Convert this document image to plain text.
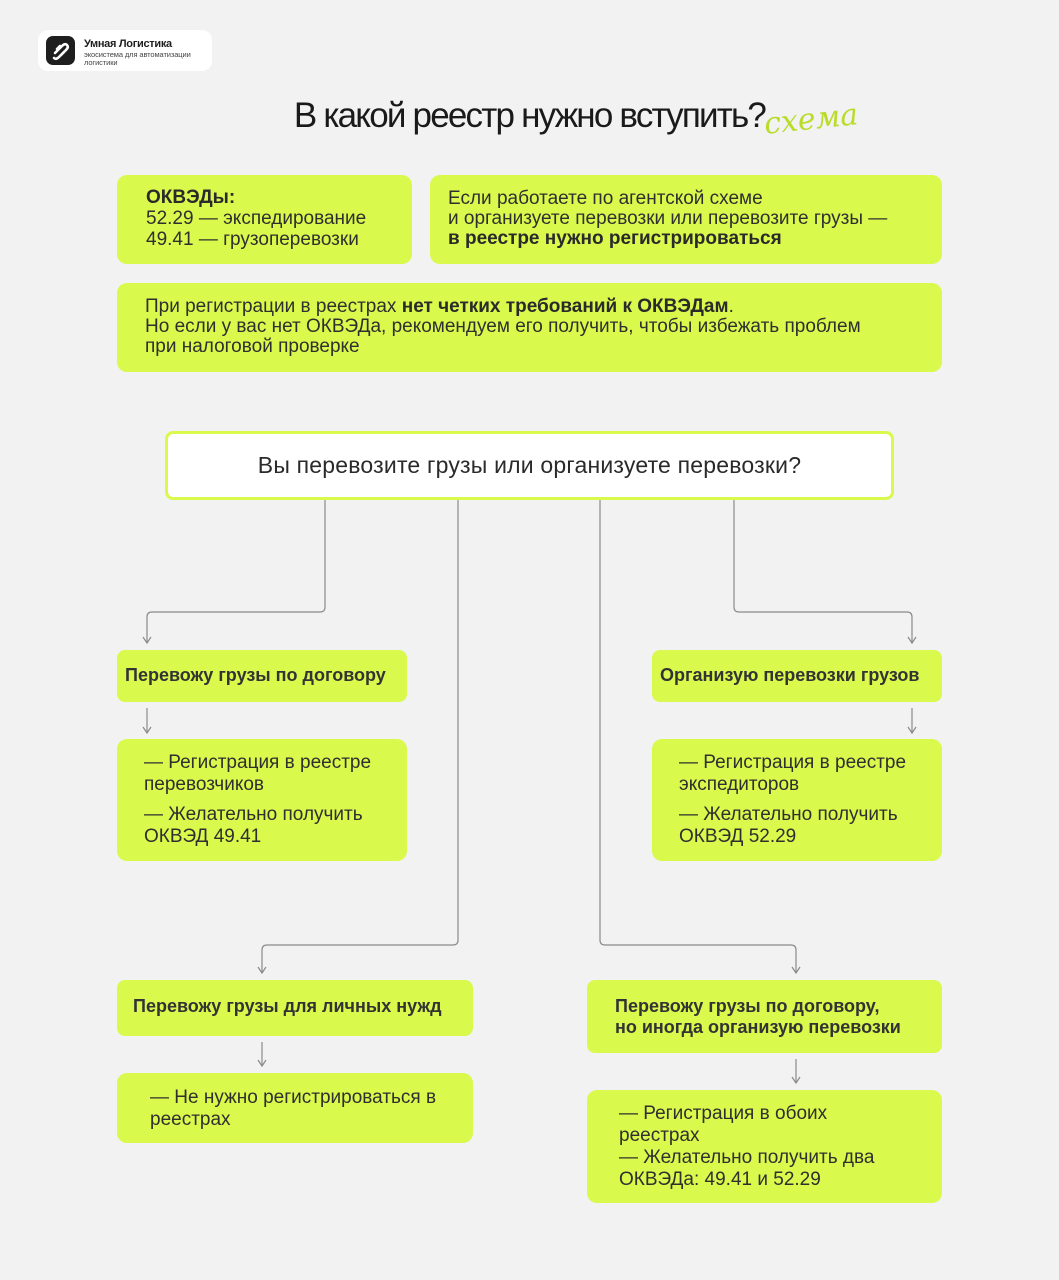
Умная Логистика
экосистема для автоматизации логистики
В какой реестр нужно вступить?
схема

ОКВЭДы:

52.29 — экспедирование

49.41 — грузоперевозки

Если работаете по агентской схеме

и организуете перевозки или перевозите грузы —

в реестре нужно регистрироваться

При регистрации в реестрах нет четких требований к ОКВЭДам.

Но если у вас нет ОКВЭДа, рекомендуем его получить, чтобы избежать проблем

при налоговой проверке

Вы перевозите грузы или организуете перевозки?
Перевожу грузы по договору

— Регистрация в реестре перевозчиков

— Желательно получить ОКВЭД 49.41

Организую перевозки грузов

— Регистрация в реестре экспедиторов

— Желательно получить ОКВЭД 52.29

Перевожу грузы для личных нужд

— Не нужно регистрироваться в реестрах

Перевожу грузы по договору,
но иногда организую перевозки

— Регистрация в обоих реестрах

— Желательно получить два ОКВЭДа: 49.41 и 52.29
